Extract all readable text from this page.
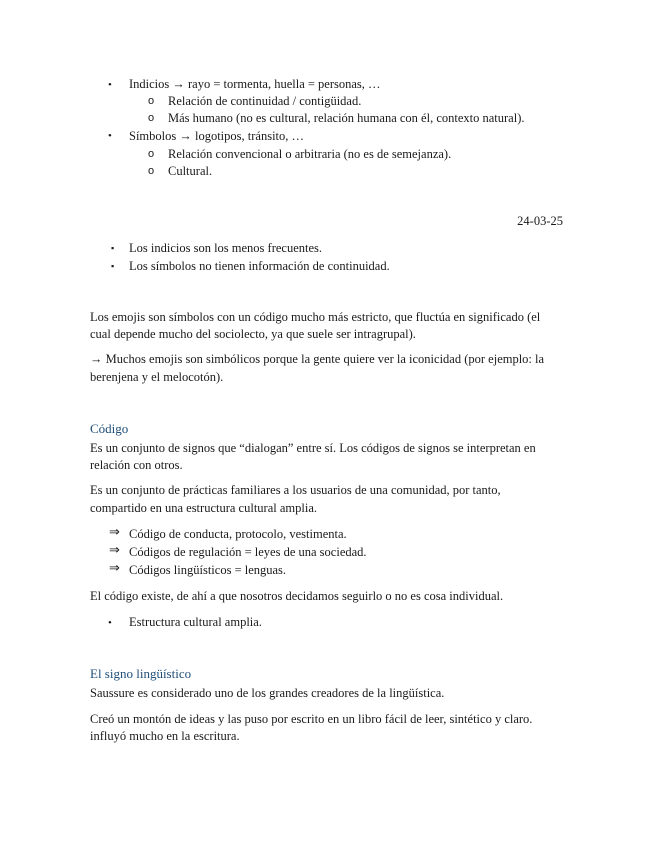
• Indicios → rayo = tormenta, huella = personas, …
o Relación de continuidad / contigüidad.
o Más humano (no es cultural, relación humana con él, contexto natural).
• Símbolos → logotipos, tránsito, …
o Relación convencional o arbitraria (no es de semejanza).
o Cultural.
24-03-25
▪ Los indicios son los menos frecuentes.
▪ Los símbolos no tienen información de continuidad.
Los emojis son símbolos con un código mucho más estricto, que fluctúa en significado (el
cual depende mucho del sociolecto, ya que suele ser intragrupal).
→ Muchos emojis son simbólicos porque la gente quiere ver la iconicidad (por ejemplo: la
berenjena y el melocotón).
Código
Es un conjunto de signos que “dialogan” entre sí. Los códigos de signos se interpretan en
relación con otros.
Es un conjunto de prácticas familiares a los usuarios de una comunidad, por tanto,
compartido en una estructura cultural amplia.
⇒ Código de conducta, protocolo, vestimenta.
⇒ Códigos de regulación = leyes de una sociedad.
⇒ Códigos lingüísticos = lenguas.
El código existe, de ahí a que nosotros decidamos seguirlo o no es cosa individual.
• Estructura cultural amplia.
El signo lingüístico
Saussure es considerado uno de los grandes creadores de la lingüística.
Creó un montón de ideas y las puso por escrito en un libro fácil de leer, sintético y claro.
influyó mucho en la escritura.
